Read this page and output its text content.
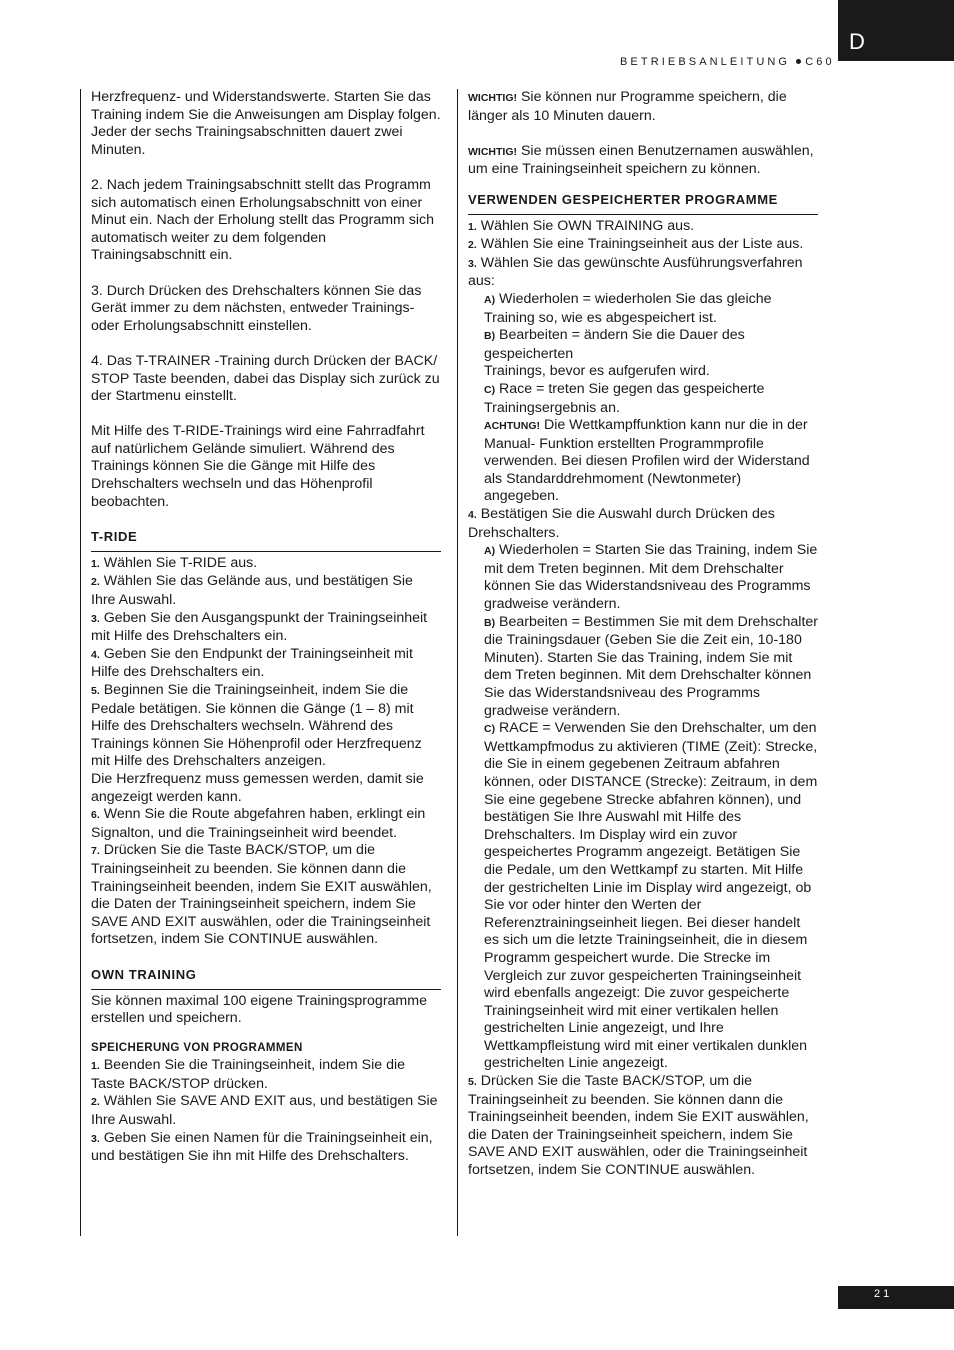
D
BETRIEBSANLEITUNG C60

Herzfrequenz- und Widerstandswerte. Starten Sie das Training indem Sie die Anweisungen am Display folgen. Jeder der sechs Trainingsabschnitten dauert zwei Minuten.

2. Nach jedem Trainingsabschnitt stellt das Programm sich automatisch einen Erholungsabschnitt von einer Minut ein. Nach der Erholung stellt das Programm sich automatisch weiter zu dem folgenden Trainingsabschnitt ein.

3. Durch Drücken des Drehschalters können Sie das Gerät immer zu dem nächsten, entweder Trainings- oder Erholungsabschnitt einstellen.

4. Das T-TRAINER -Training durch Drücken der BACK/ STOP Taste beenden, dabei das Display sich zurück zu der Startmenu einstellt.

Mit Hilfe des T-RIDE-Trainings wird eine Fahrradfahrt auf natürlichem Gelände simuliert. Während des Trainings können Sie die Gänge mit Hilfe des Drehschalters wechseln und das Höhenprofil beobachten.

T-RIDE

1. Wählen Sie T-RIDE aus.

2. Wählen Sie das Gelände aus, und bestätigen Sie Ihre Auswahl.

3. Geben Sie den Ausgangspunkt der Trainingseinheit mit Hilfe des Drehschalters ein.

4. Geben Sie den Endpunkt der Trainingseinheit mit Hilfe des Drehschalters ein.

5. Beginnen Sie die Trainingseinheit, indem Sie die Pedale betätigen. Sie können die Gänge (1 – 8) mit Hilfe des Drehschalters wechseln. Während des Trainings können Sie Höhenprofil oder Herzfrequenz mit Hilfe des Drehschalters anzeigen.

Die Herzfrequenz muss gemessen werden, damit sie angezeigt werden kann.

6. Wenn Sie die Route abgefahren haben, erklingt ein Signalton, und die Trainingseinheit wird beendet.

7. Drücken Sie die Taste BACK/STOP, um die Trainingseinheit zu beenden. Sie können dann die Trainingseinheit beenden, indem Sie EXIT auswählen, die Daten der Trainingseinheit speichern, indem Sie SAVE AND EXIT auswählen, oder die Trainingseinheit fortsetzen, indem Sie CONTINUE auswählen.

OWN TRAINING

Sie können maximal 100 eigene Trainingsprogramme erstellen und speichern.

SPEICHERUNG VON PROGRAMMEN

1. Beenden Sie die Trainingseinheit, indem Sie die Taste BACK/STOP drücken.

2. Wählen Sie SAVE AND EXIT aus, und bestätigen Sie Ihre Auswahl.

3. Geben Sie einen Namen für die Trainingseinheit ein, und bestätigen Sie ihn mit Hilfe des Drehschalters.

WICHTIG! Sie können nur Programme speichern, die länger als 10 Minuten dauern.

WICHTIG! Sie müssen einen Benutzernamen auswählen, um eine Trainingseinheit speichern zu können.

VERWENDEN GESPEICHERTER PROGRAMME

1. Wählen Sie OWN TRAINING aus.

2. Wählen Sie eine Trainingseinheit aus der Liste aus.

3. Wählen Sie das gewünschte Ausführungsverfahren aus:

A) Wiederholen = wiederholen Sie das gleiche Training so, wie es abgespeichert ist.

B) Bearbeiten = ändern Sie die Dauer des gespeicherten

Trainings, bevor es aufgerufen wird.

C) Race = treten Sie gegen das gespeicherte Trainingsergebnis an.

ACHTUNG! Die Wettkampffunktion kann nur die in der Manual- Funktion erstellten Programmprofile verwenden. Bei diesen Profilen wird der Widerstand als Standarddrehmoment (Newtonmeter) angegeben.

4. Bestätigen Sie die Auswahl durch Drücken des Drehschalters.

A) Wiederholen = Starten Sie das Training, indem Sie mit dem Treten beginnen. Mit dem Drehschalter können Sie das Widerstandsniveau des Programms gradweise verändern.

B) Bearbeiten = Bestimmen Sie mit dem Drehschalter die Trainingsdauer (Geben Sie die Zeit ein, 10-180 Minuten). Starten Sie das Training, indem Sie mit dem Treten beginnen. Mit dem Drehschalter können Sie das Widerstandsniveau des Programms gradweise verändern.

C) RACE = Verwenden Sie den Drehschalter, um den Wettkampfmodus zu aktivieren (TIME (Zeit): Strecke, die Sie in einem gegebenen Zeitraum abfahren können, oder DISTANCE (Strecke): Zeitraum, in dem Sie eine gegebene Strecke abfahren können), und bestätigen Sie Ihre Auswahl mit Hilfe des Drehschalters. Im Display wird ein zuvor gespeichertes Programm angezeigt. Betätigen Sie die Pedale, um den Wettkampf zu starten. Mit Hilfe der gestrichelten Linie im Display wird angezeigt, ob Sie vor oder hinter den Werten der Referenztrainingseinheit liegen. Bei dieser handelt es sich um die letzte Trainingseinheit, die in diesem Programm gespeichert wurde. Die Strecke im Vergleich zur zuvor gespeicherten Trainingseinheit wird ebenfalls angezeigt: Die zuvor gespeicherte Trainingseinheit wird mit einer vertikalen hellen gestrichelten Linie angezeigt, und Ihre Wettkampfleistung wird mit einer vertikalen dunklen gestrichelten Linie angezeigt.

5. Drücken Sie die Taste BACK/STOP, um die Trainingseinheit zu beenden. Sie können dann die Trainingseinheit beenden, indem Sie EXIT auswählen, die Daten der Trainingseinheit speichern, indem Sie SAVE AND EXIT auswählen, oder die Trainingseinheit fortsetzen, indem Sie CONTINUE auswählen.

21
